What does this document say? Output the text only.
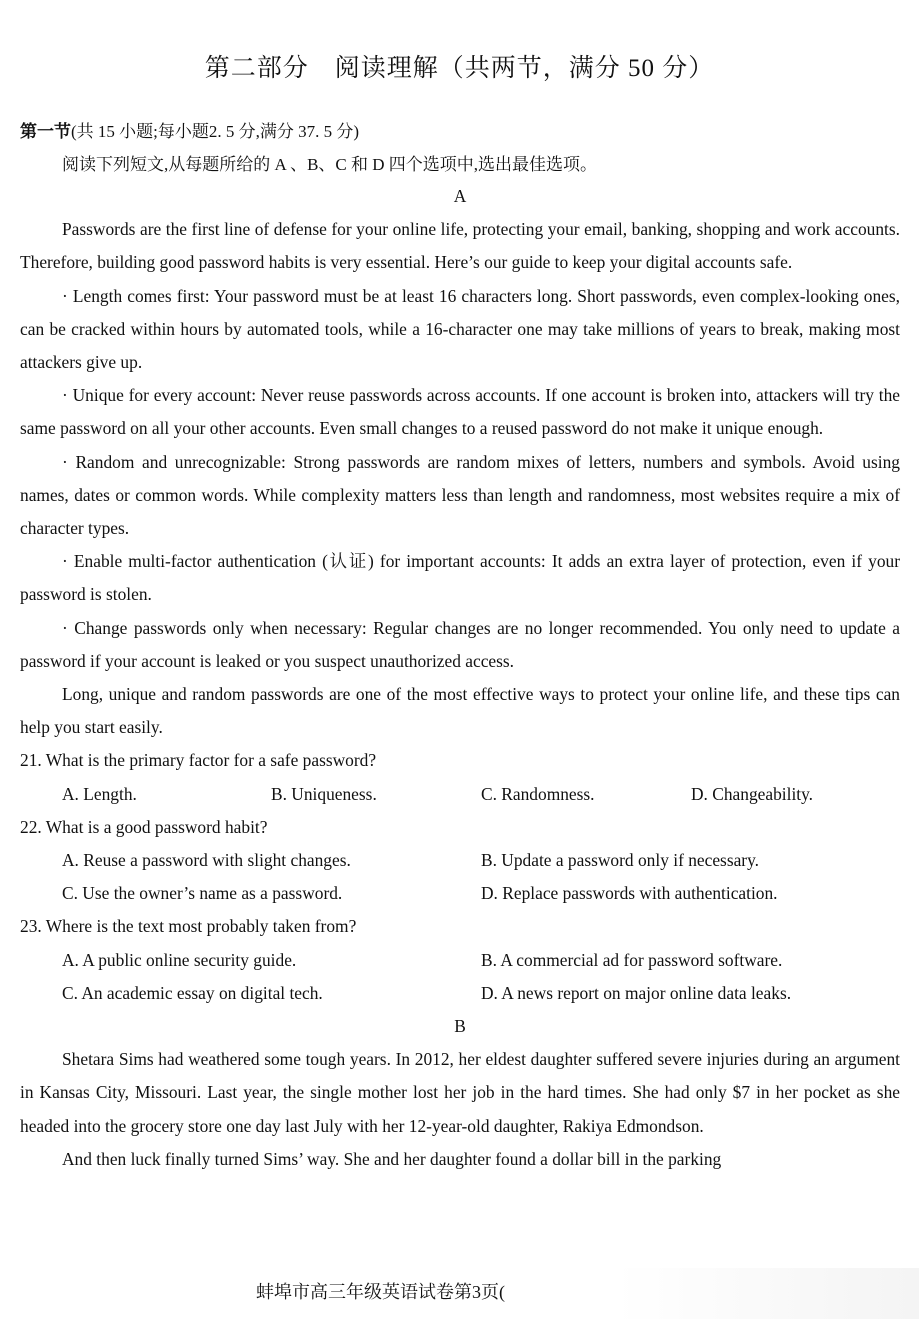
第二部分　阅读理解（共两节，满分 50 分）
第一节(共 15 小题;每小题2. 5 分,满分 37. 5 分)
阅读下列短文,从每题所给的 A 、B、C 和 D 四个选项中,选出最佳选项。
A

Passwords are the first line of defense for your online life, protecting your email, banking, shopping and work accounts. Therefore, building good password habits is very essential. Here’s our guide to keep your digital accounts safe.

· Length comes first: Your password must be at least 16 characters long. Short passwords, even complex-looking ones, can be cracked within hours by automated tools, while a 16-character one may take millions of years to break, making most attackers give up.

· Unique for every account: Never reuse passwords across accounts. If one account is broken into, attackers will try the same password on all your other accounts. Even small changes to a reused password do not make it unique enough.

· Random and unrecognizable: Strong passwords are random mixes of letters, numbers and symbols. Avoid using names, dates or common words. While complexity matters less than length and randomness, most websites require a mix of character types.

· Enable multi-factor authentication (认证) for important accounts: It adds an extra layer of protection, even if your password is stolen.

· Change passwords only when necessary: Regular changes are no longer recommended. You only need to update a password if your account is leaked or you suspect unauthorized access.

Long, unique and random passwords are one of the most effective ways to protect your online life, and these tips can help you start easily.

21. What is the primary factor for a safe password?
A. Length.	B. Uniqueness.	C. Randomness.	D. Changeability.
22. What is a good password habit?
A. Reuse a password with slight changes.	B. Update a password only if necessary.
C. Use the owner’s name as a password.	D. Replace passwords with authentication.
23. Where is the text most probably taken from?
A. A public online security guide.	B. A commercial ad for password software.
C. An academic essay on digital tech.	D. A news report on major online data leaks.
B

Shetara Sims had weathered some tough years. In 2012, her eldest daughter suffered severe injuries during an argument in Kansas City, Missouri. Last year, the single mother lost her job in the hard times. She had only $7 in her pocket as she headed into the grocery store one day last July with her 12-year-old daughter, Rakiya Edmondson.

And then luck finally turned Sims’ way. She and her daughter found a dollar bill in the parking

蚌埠市高三年级英语试卷第3页(
